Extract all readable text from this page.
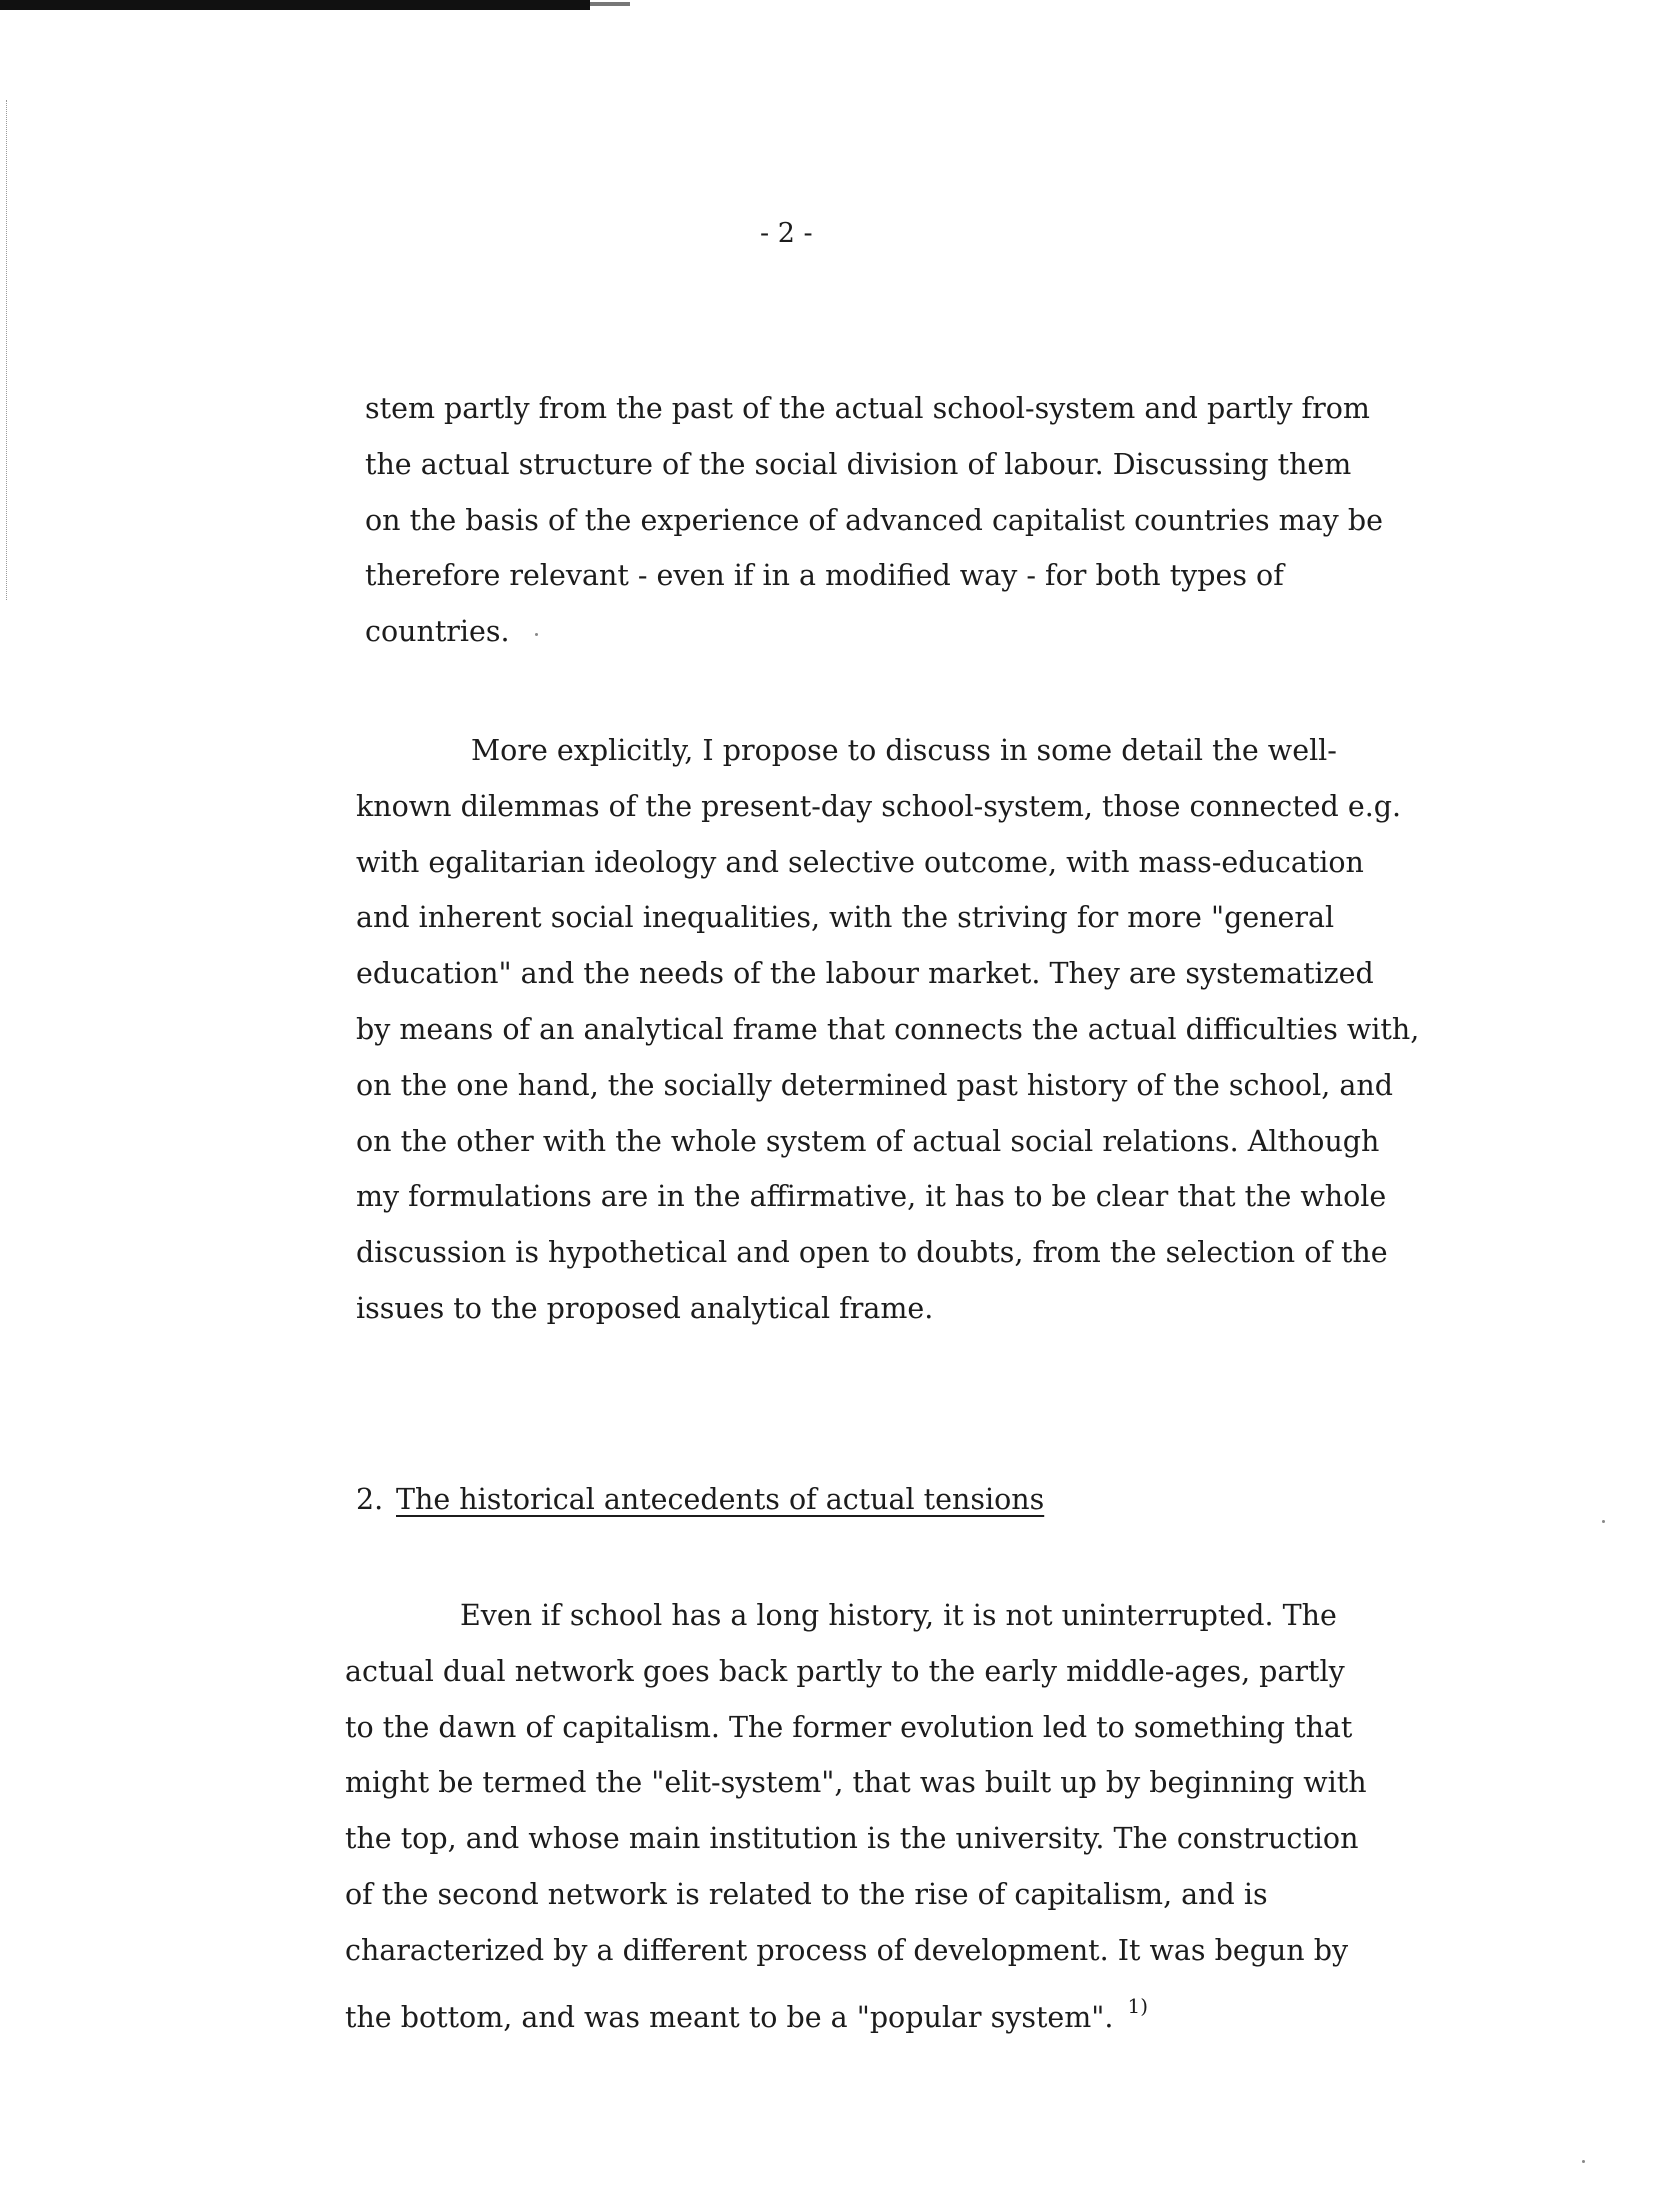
- 2 -
stem partly from the past of the actual school-system and partly from
the actual structure of the social division of labour. Discussing them
on the basis of the experience of advanced capitalist countries may be
therefore relevant - even if in a modified way - for both types of
countries.
More explicitly, I propose to discuss in some detail the well-
known dilemmas of the present-day school-system, those connected e.g.
with egalitarian ideology and selective outcome, with mass-education
and inherent social inequalities, with the striving for more "general
education" and the needs of the labour market. They are systematized
by means of an analytical frame that connects the actual difficulties with,
on the one hand, the socially determined past history of the school, and
on the other with the whole system of actual social relations. Although
my formulations are in the affirmative, it has to be clear that the whole
discussion is hypothetical and open to doubts, from the selection of the
issues to the proposed analytical frame.
2. The historical antecedents of actual tensions
Even if school has a long history, it is not uninterrupted. The
actual dual network goes back partly to the early middle-ages, partly
to the dawn of capitalism. The former evolution led to something that
might be termed the "elit-system", that was built up by beginning with
the top, and whose main institution is the university. The construction
of the second network is related to the rise of capitalism, and is
characterized by a different process of development. It was begun by
the bottom, and was meant to be a "popular system". $^{1)}$
